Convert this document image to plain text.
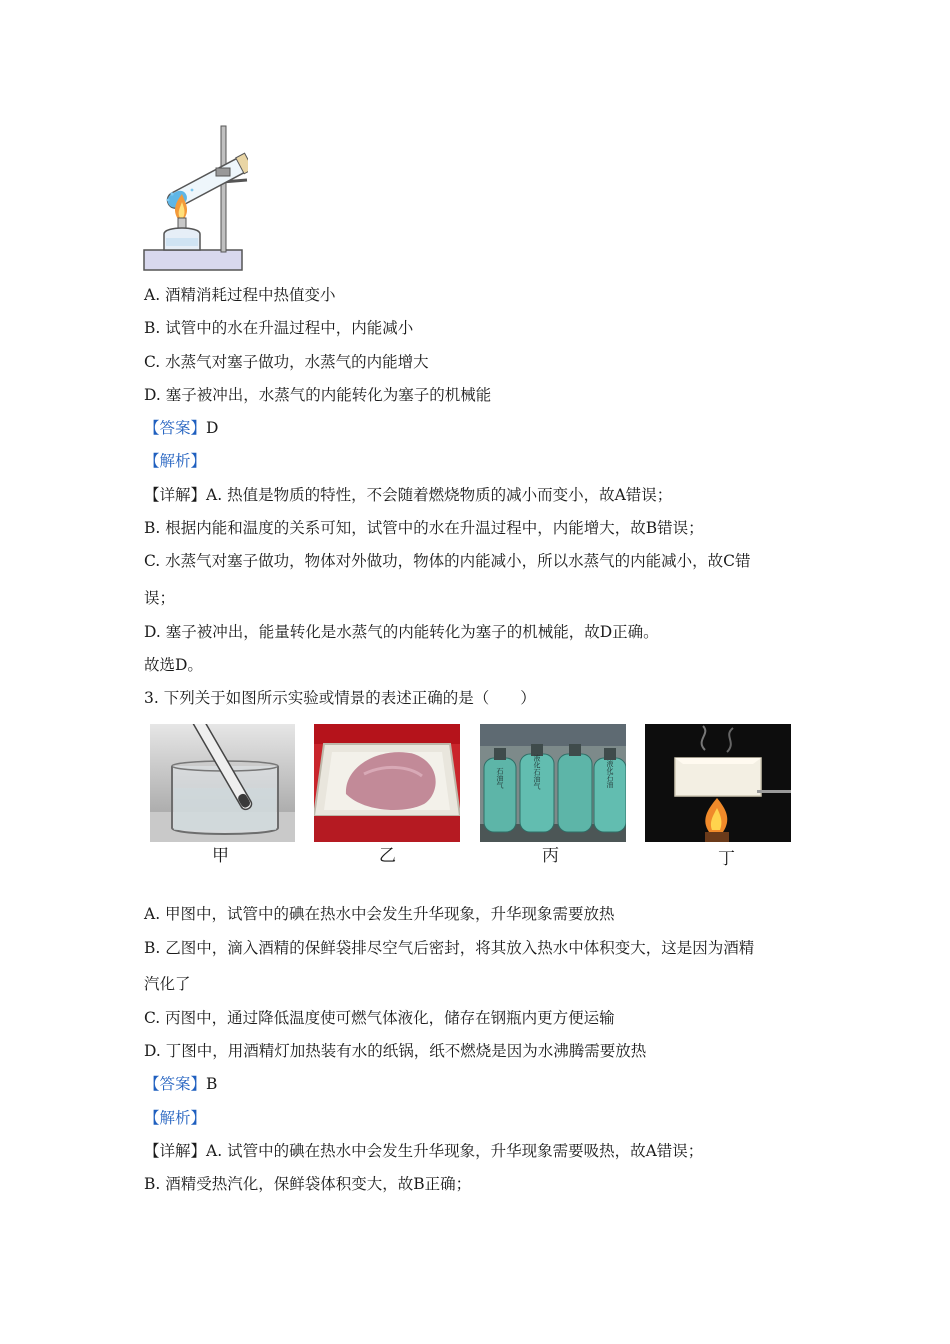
A. 酒精消耗过程中热值变小
B. 试管中的水在升温过程中，内能减小
C. 水蒸气对塞子做功，水蒸气的内能增大
D. 塞子被冲出，水蒸气的内能转化为塞子的机械能
【答案】D
【解析】
【详解】A. 热值是物质的特性，不会随着燃烧物质的减小而变小，故A错误；
B. 根据内能和温度的关系可知，试管中的水在升温过程中，内能增大，故B错误；
C. 水蒸气对塞子做功，物体对外做功，物体的内能减小，所以水蒸气的内能减小，故C错
误；
D. 塞子被冲出，能量转化是水蒸气的内能转化为塞子的机械能，故D正确。
故选D。
3. 下列关于如图所示实验或情景的表述正确的是（　　）
甲	乙
石油气	液化石油气	液化石油
丙	丁
A. 甲图中，试管中的碘在热水中会发生升华现象，升华现象需要放热
B. 乙图中，滴入酒精的保鲜袋排尽空气后密封，将其放入热水中体积变大，这是因为酒精
汽化了
C. 丙图中，通过降低温度使可燃气体液化，储存在钢瓶内更方便运输
D. 丁图中，用酒精灯加热装有水的纸锅，纸不燃烧是因为水沸腾需要放热
【答案】B
【解析】
【详解】A. 试管中的碘在热水中会发生升华现象，升华现象需要吸热，故A错误；
B. 酒精受热汽化，保鲜袋体积变大，故B正确；
